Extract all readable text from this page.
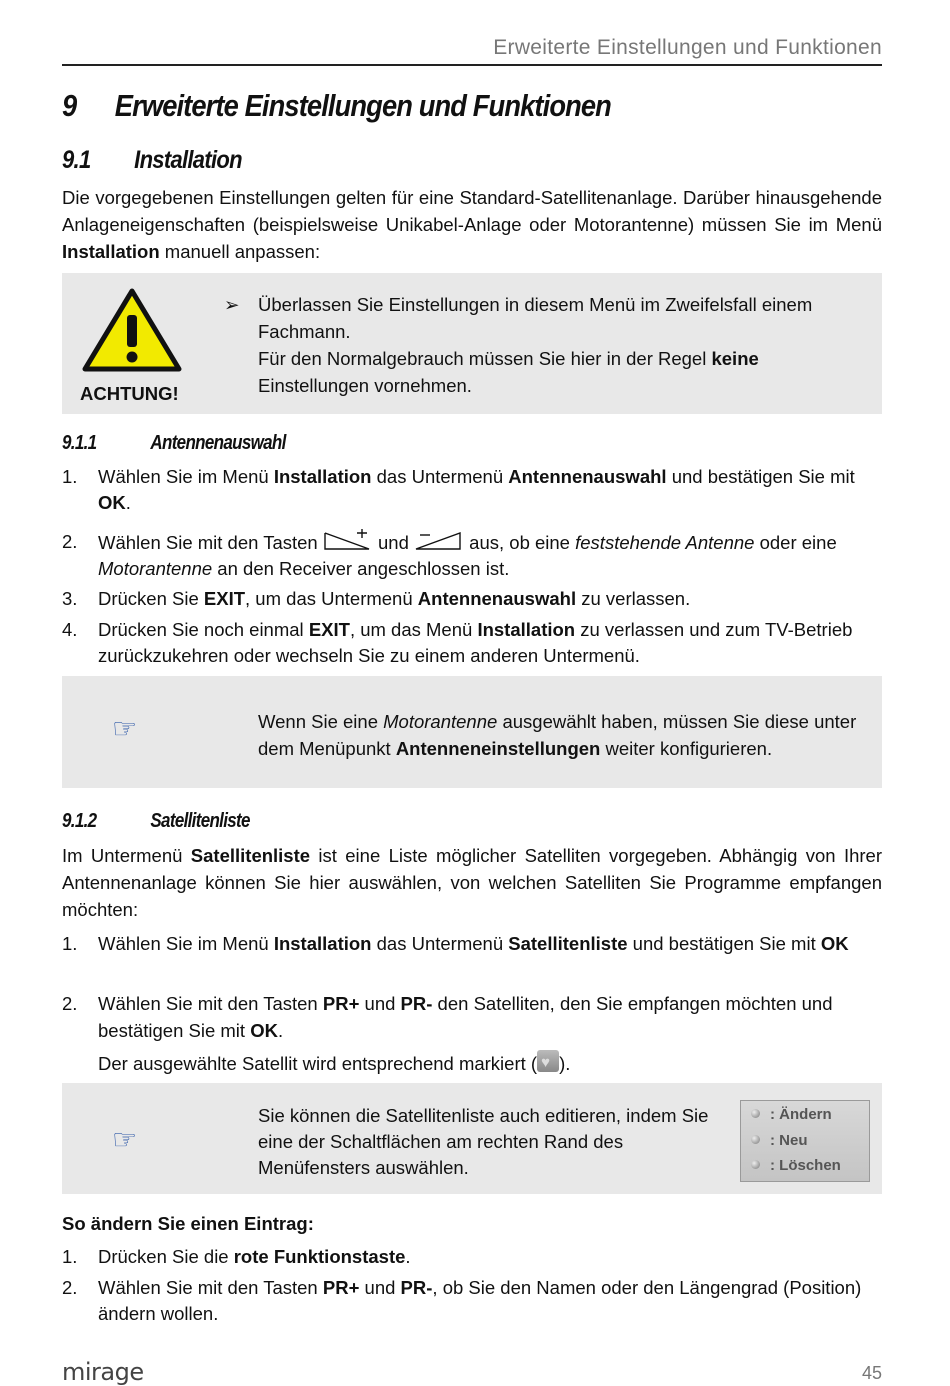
Erweiterte Einstellungen und Funktionen
9 Erweiterte Einstellungen und Funktionen
9.1 Installation
Die vorgegebenen Einstellungen gelten für eine Standard-Satellitenanlage. Darüber hinausgehende Anlageneigenschaften (beispielsweise Unikabel-Anlage oder Motorantenne) müssen Sie im Menü Installation manuell anpassen:
ACHTUNG!
➢ Überlassen Sie Einstellungen in diesem Menü im Zweifelsfall einem Fachmann.
Für den Normalgebrauch müssen Sie hier in der Regel keine Einstellungen vornehmen.
9.1.1	Antennenauswahl
1. Wählen Sie im Menü Installation das Untermenü Antennenauswahl und bestätigen Sie mit OK.
2. Wählen Sie mit den Tasten	und	aus, ob eine feststehende Antenne oder eine Motorantenne an den Receiver angeschlossen ist.
3. Drücken Sie EXIT, um das Untermenü Antennenauswahl zu verlassen.
4. Drücken Sie noch einmal EXIT, um das Menü Installation zu verlassen und zum TV-Betrieb zurückzukehren oder wechseln Sie zu einem anderen Untermenü.
☞	Wenn Sie eine Motorantenne ausgewählt haben, müssen Sie diese unter dem Menüpunkt Antenneneinstellungen weiter konfigurieren.
9.1.2	Satellitenliste
Im Untermenü Satellitenliste ist eine Liste möglicher Satelliten vorgegeben. Abhängig von Ihrer Antennenanlage können Sie hier auswählen, von welchen Satelliten Sie Programme empfangen möchten:
1. Wählen Sie im Menü Installation das Untermenü Satellitenliste und bestätigen Sie mit OK
2. Wählen Sie mit den Tasten PR+ und PR- den Satelliten, den Sie empfangen möchten und bestätigen Sie mit OK.
Der ausgewählte Satellit wird entsprechend markiert (♥ ).
☞
Sie können die Satellitenliste auch editieren, indem Sie eine der Schaltflächen am rechten Rand des Menüfensters auswählen.
: Ändern
: Neu
: Löschen
So ändern Sie einen Eintrag:
1. Drücken Sie die rote Funktionstaste.
2. Wählen Sie mit den Tasten PR+ und PR-, ob Sie den Namen oder den Längengrad (Position) ändern wollen.
mirage	45
